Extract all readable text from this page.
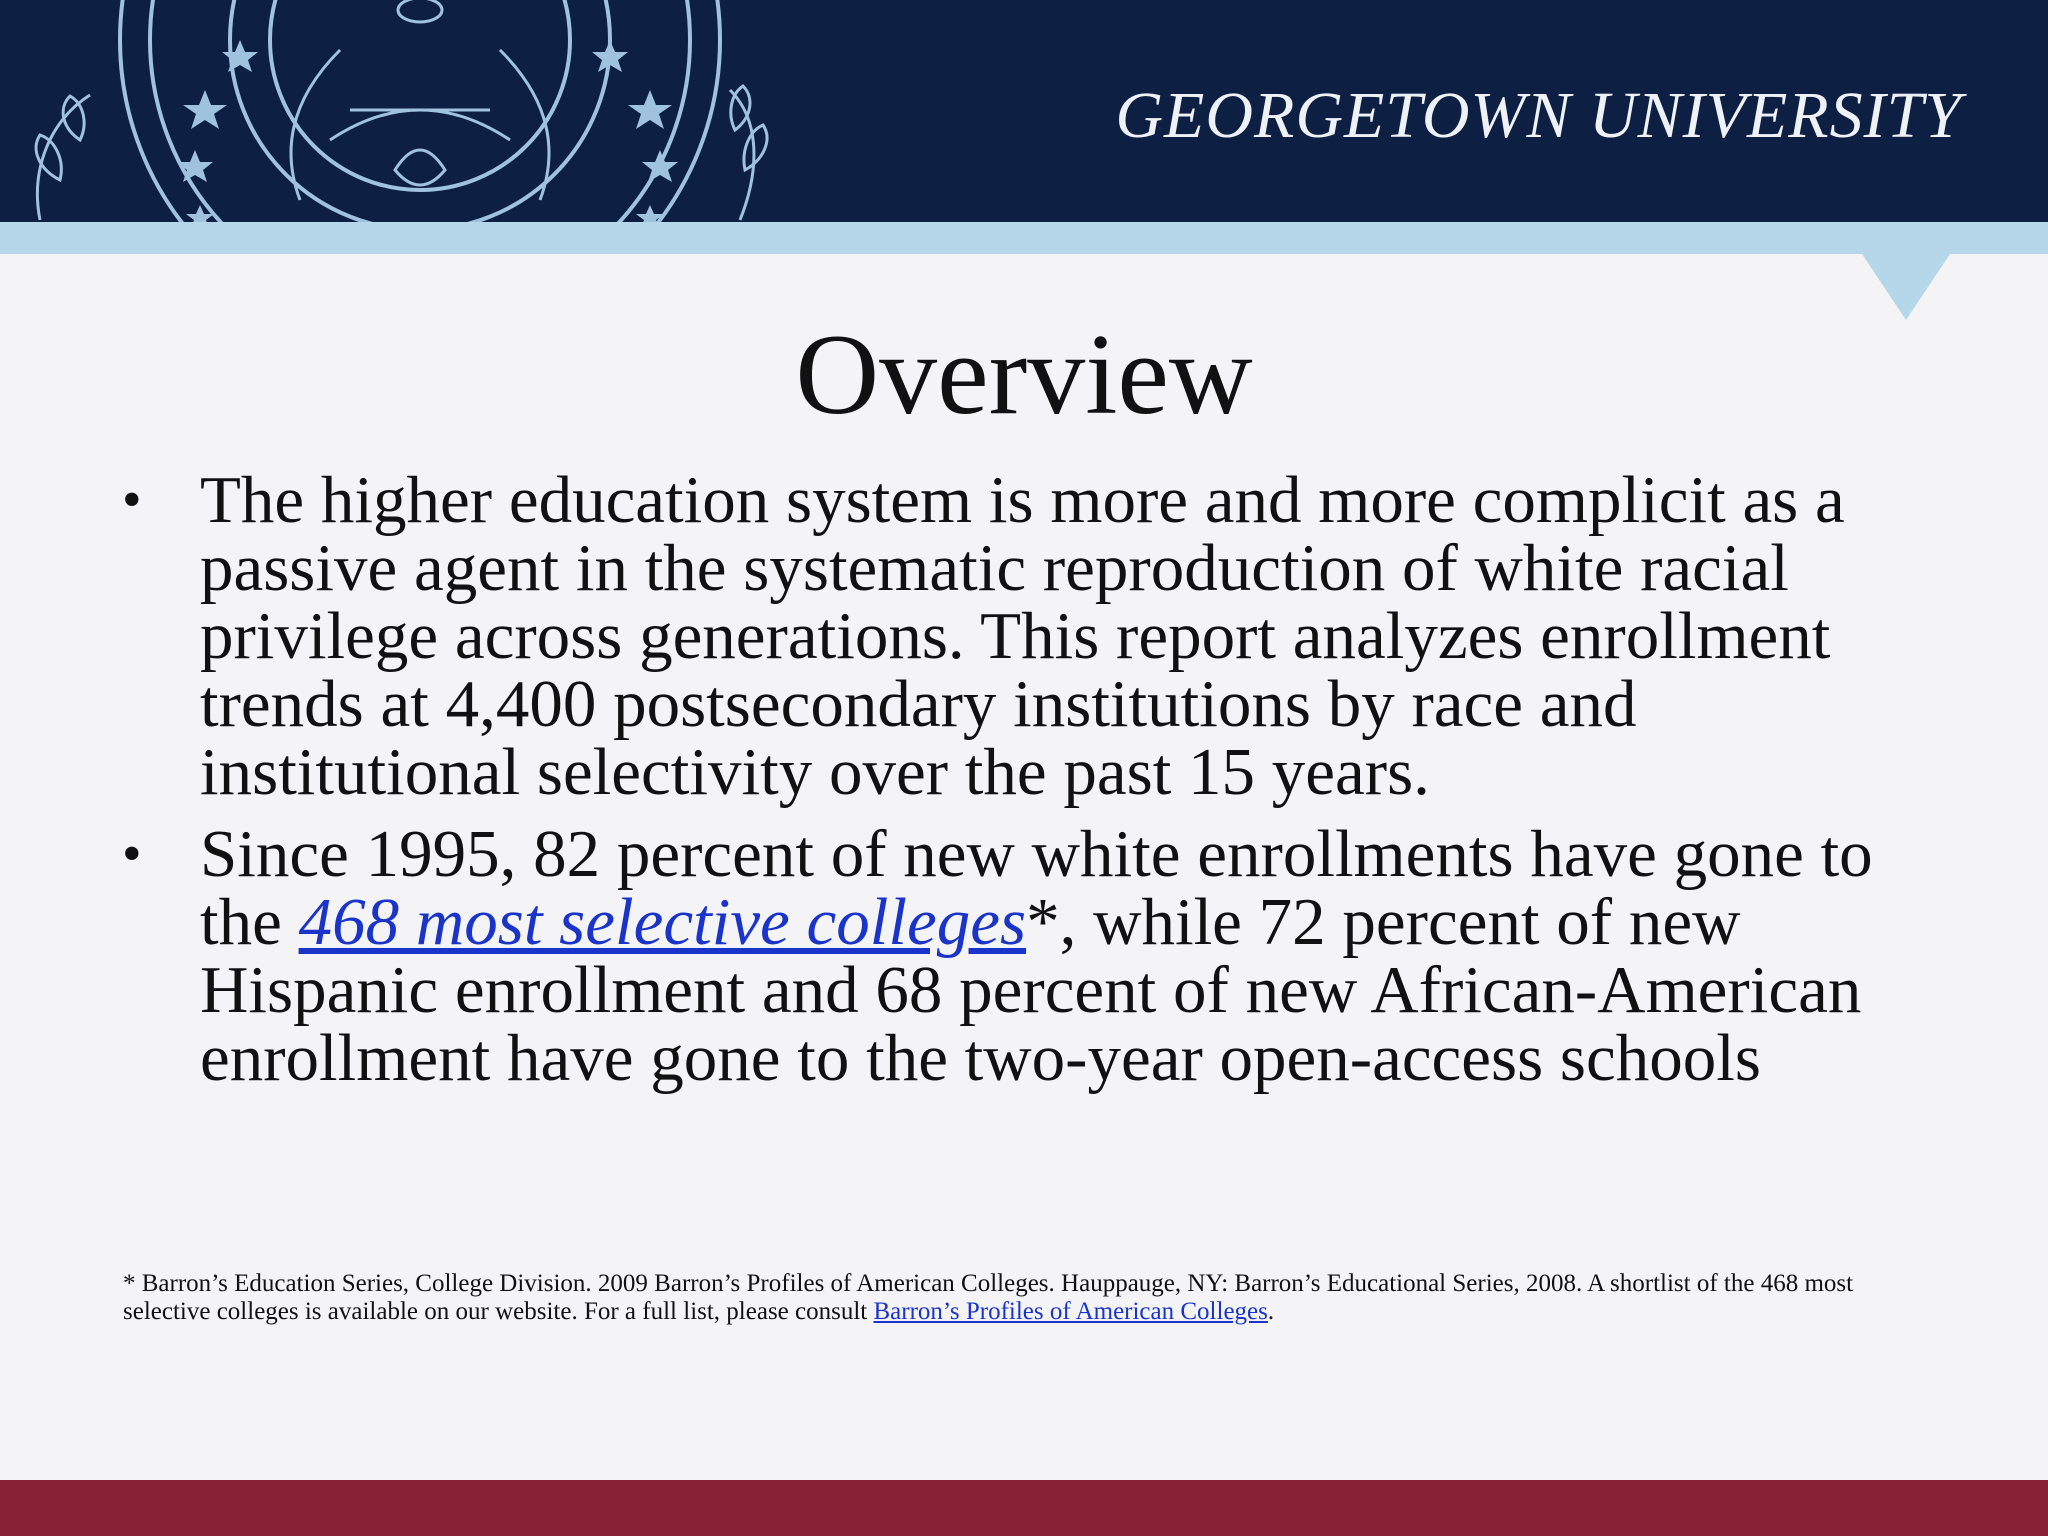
GEORGETOWN UNIVERSITY
Overview
• The higher education system is more and more complicit as a passive agent in the systematic reproduction of white racial privilege across generations. This report analyzes enrollment trends at 4,400 postsecondary institutions by race and institutional selectivity over the past 15 years.
• Since 1995, 82 percent of new white enrollments have gone to the 468 most selective colleges*, while 72 percent of new Hispanic enrollment and 68 percent of new African-American enrollment have gone to the two-year open-access schools
* Barron’s Education Series, College Division. 2009 Barron’s Profiles of American Colleges. Hauppauge, NY: Barron’s Educational Series, 2008. A shortlist of the 468 most selective colleges is available on our website. For a full list, please consult Barron’s Profiles of American Colleges.
